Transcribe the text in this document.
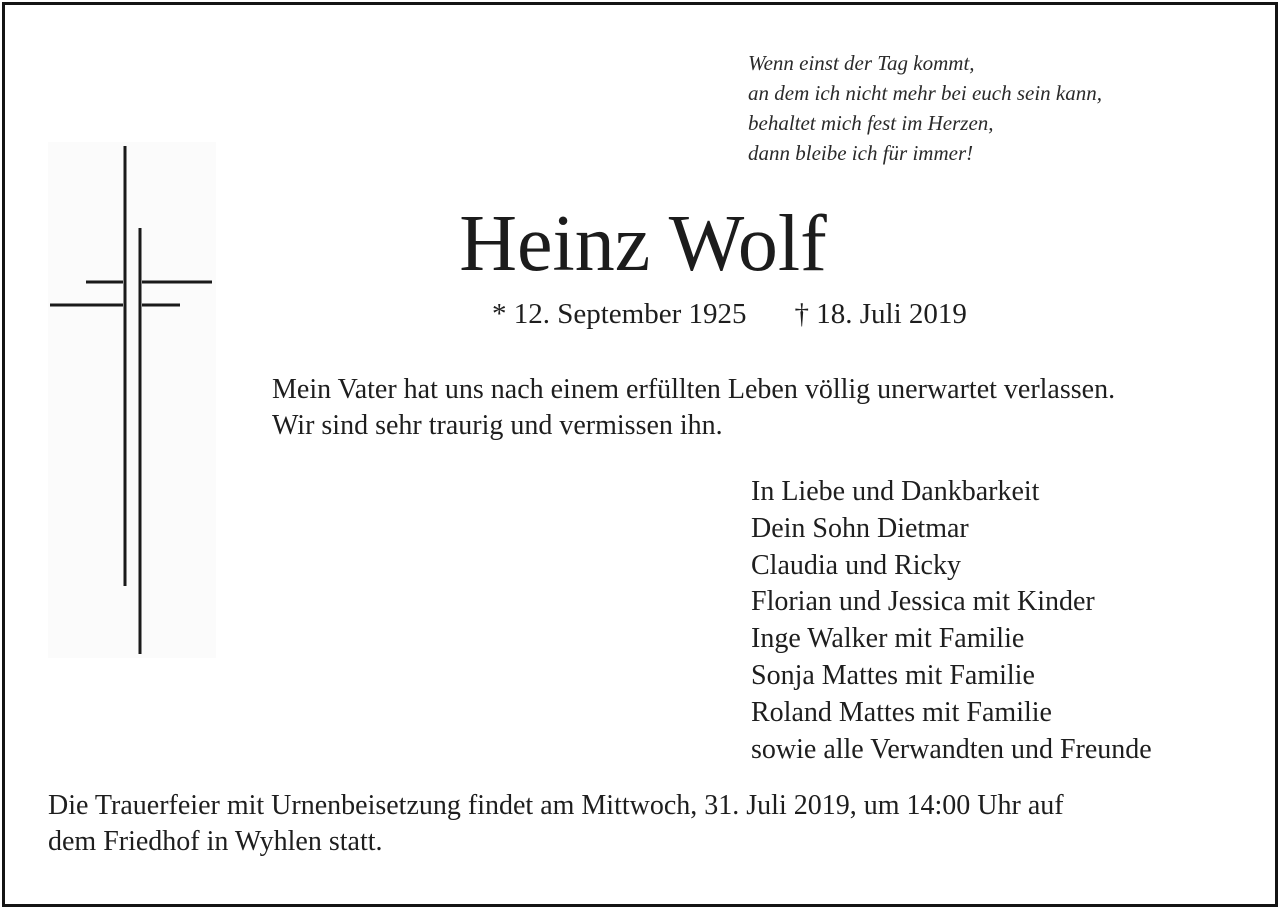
Wenn einst der Tag kommt,
an dem ich nicht mehr bei euch sein kann,
behaltet mich fest im Herzen,
dann bleibe ich für immer!
Heinz Wolf
* 12. September 1925 † 18. Juli 2019
Mein Vater hat uns nach einem erfüllten Leben völlig unerwartet verlassen.
Wir sind sehr traurig und vermissen ihn.
In Liebe und Dankbarkeit
Dein Sohn Dietmar
Claudia und Ricky
Florian und Jessica mit Kinder
Inge Walker mit Familie
Sonja Mattes mit Familie
Roland Mattes mit Familie
sowie alle Verwandten und Freunde
Die Trauerfeier mit Urnenbeisetzung findet am Mittwoch, 31. Juli 2019, um 14:00 Uhr auf
dem Friedhof in Wyhlen statt.
